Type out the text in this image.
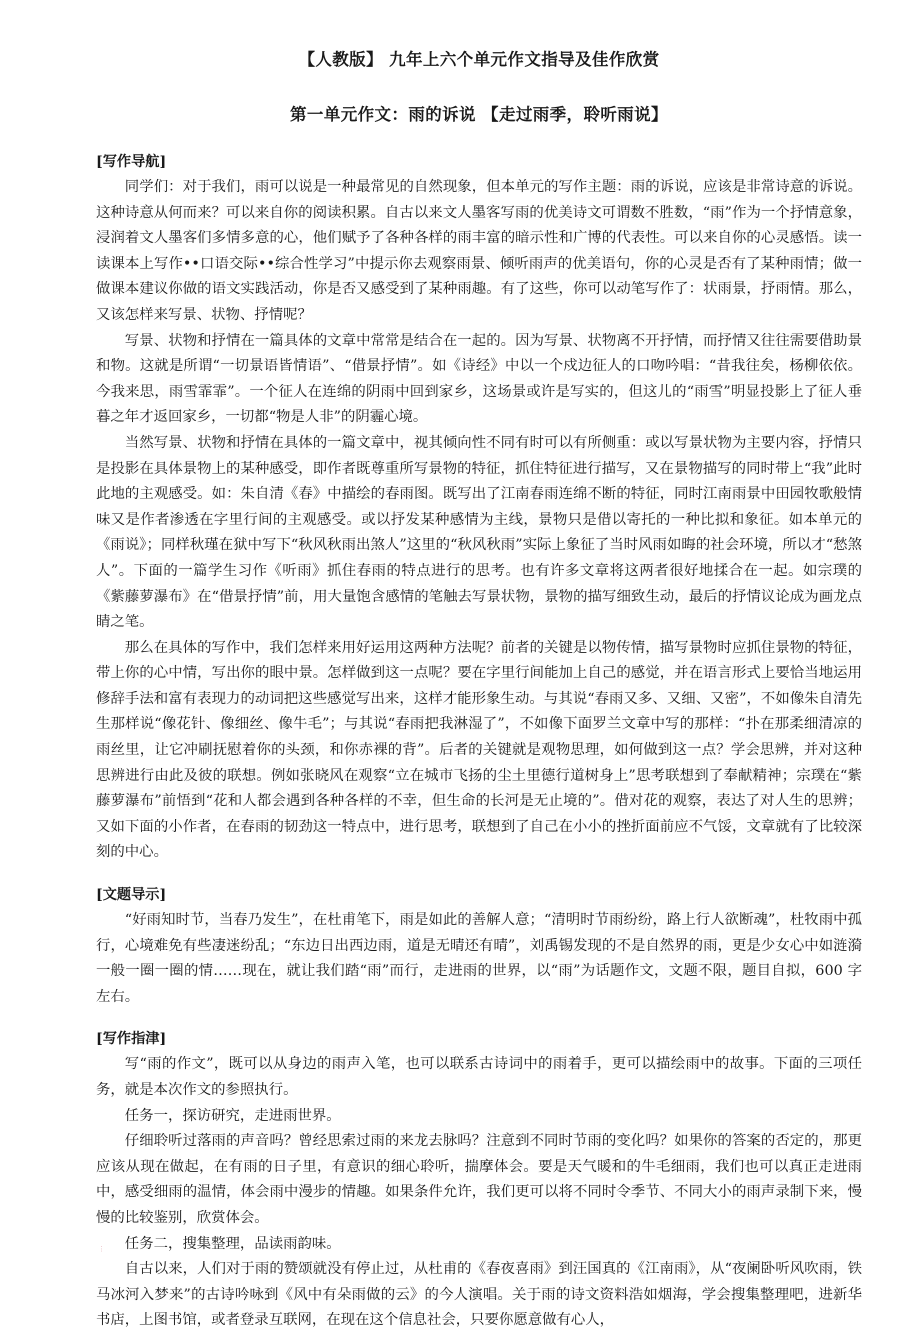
【人教版】 九年上六个单元作文指导及佳作欣赏
第一单元作文：雨的诉说 【走过雨季，聆听雨说】
[写作导航]

同学们：对于我们，雨可以说是一种最常见的自然现象，但本单元的写作主题：雨的诉说，应该是非常诗意的诉说。这种诗意从何而来？可以来自你的阅读积累。自古以来文人墨客写雨的优美诗文可谓数不胜数，“雨”作为一个抒情意象，浸润着文人墨客们多情多意的心，他们赋予了各种各样的雨丰富的暗示性和广博的代表性。可以来自你的心灵感悟。读一读课本上写作••口语交际••综合性学习”中提示你去观察雨景、倾听雨声的优美语句，你的心灵是否有了某种雨情；做一做课本建议你做的语文实践活动，你是否又感受到了某种雨趣。有了这些，你可以动笔写作了：状雨景，抒雨情。那么，又该怎样来写景、状物、抒情呢？

写景、状物和抒情在一篇具体的文章中常常是结合在一起的。因为写景、状物离不开抒情，而抒情又往往需要借助景和物。这就是所谓“一切景语皆情语”、“借景抒情”。如《诗经》中以一个戍边征人的口吻吟唱：“昔我往矣，杨柳依依。今我来思，雨雪霏霏”。一个征人在连绵的阴雨中回到家乡，这场景或许是写实的，但这儿的“雨雪”明显投影上了征人垂暮之年才返回家乡，一切都“物是人非”的阴霾心境。

当然写景、状物和抒情在具体的一篇文章中，视其倾向性不同有时可以有所侧重：或以写景状物为主要内容，抒情只是投影在具体景物上的某种感受，即作者既尊重所写景物的特征，抓住特征进行描写，又在景物描写的同时带上“我”此时此地的主观感受。如：朱自清《春》中描绘的春雨图。既写出了江南春雨连绵不断的特征，同时江南雨景中田园牧歌般情味又是作者渗透在字里行间的主观感受。或以抒发某种感情为主线，景物只是借以寄托的一种比拟和象征。如本单元的《雨说》；同样秋瑾在狱中写下“秋风秋雨出煞人”这里的“秋风秋雨”实际上象征了当时风雨如晦的社会环境，所以才“愁煞人”。下面的一篇学生习作《听雨》抓住春雨的特点进行的思考。也有许多文章将这两者很好地揉合在一起。如宗璞的《紫藤萝瀑布》在“借景抒情”前，用大量饱含感情的笔触去写景状物，景物的描写细致生动，最后的抒情议论成为画龙点睛之笔。

那么在具体的写作中，我们怎样来用好运用这两种方法呢？前者的关键是以物传情，描写景物时应抓住景物的特征，带上你的心中情，写出你的眼中景。怎样做到这一点呢？要在字里行间能加上自己的感觉，并在语言形式上要恰当地运用修辞手法和富有表现力的动词把这些感觉写出来，这样才能形象生动。与其说“春雨又多、又细、又密”，不如像朱自清先生那样说“像花针、像细丝、像牛毛”；与其说“春雨把我淋湿了”，不如像下面罗兰文章中写的那样：“扑在那柔细清凉的雨丝里，让它冲刷抚慰着你的头颈，和你赤裸的背”。后者的关键就是观物思理，如何做到这一点？学会思辨，并对这种思辨进行由此及彼的联想。例如张晓风在观察“立在城市飞扬的尘土里德行道树身上”思考联想到了奉献精神；宗璞在“紫藤萝瀑布”前悟到“花和人都会遇到各种各样的不幸，但生命的长河是无止境的”。借对花的观察，表达了对人生的思辨；又如下面的小作者，在春雨的韧劲这一特点中，进行思考，联想到了自己在小小的挫折面前应不气馁，文章就有了比较深刻的中心。

[文题导示]

“好雨知时节，当春乃发生”，在杜甫笔下，雨是如此的善解人意；“清明时节雨纷纷，路上行人欲断魂”，杜牧雨中孤行，心境难免有些凄迷纷乱；“东边日出西边雨，道是无晴还有晴”，刘禹锡发现的不是自然界的雨，更是少女心中如涟漪一般一圈一圈的情……现在，就让我们踏“雨”而行，走进雨的世界，以“雨”为话题作文，文题不限，题目自拟，600 字左右。

[写作指津]

写“雨的作文”，既可以从身边的雨声入笔，也可以联系古诗词中的雨着手，更可以描绘雨中的故事。下面的三项任务，就是本次作文的参照执行。

任务一，探访研究，走进雨世界。

仔细聆听过落雨的声音吗？曾经思索过雨的来龙去脉吗？注意到不同时节雨的变化吗？如果你的答案的否定的，那更应该从现在做起，在有雨的日子里，有意识的细心聆听，揣摩体会。要是天气暖和的牛毛细雨，我们也可以真正走进雨中，感受细雨的温情，体会雨中漫步的情趣。如果条件允许，我们更可以将不同时令季节、不同大小的雨声录制下来，慢慢的比较鉴别，欣赏体会。

任务二，搜集整理，品读雨韵味。

自古以来，人们对于雨的赞颂就没有停止过，从杜甫的《春夜喜雨》到汪国真的《江南雨》，从“夜阑卧听风吹雨，铁马冰河入梦来”的古诗吟咏到《风中有朵雨做的云》的今人演唱。关于雨的诗文资料浩如烟海，学会搜集整理吧，进新华书店，上图书馆，或者登录互联网，在现在这个信息社会，只要你愿意做有心人，

⋮
